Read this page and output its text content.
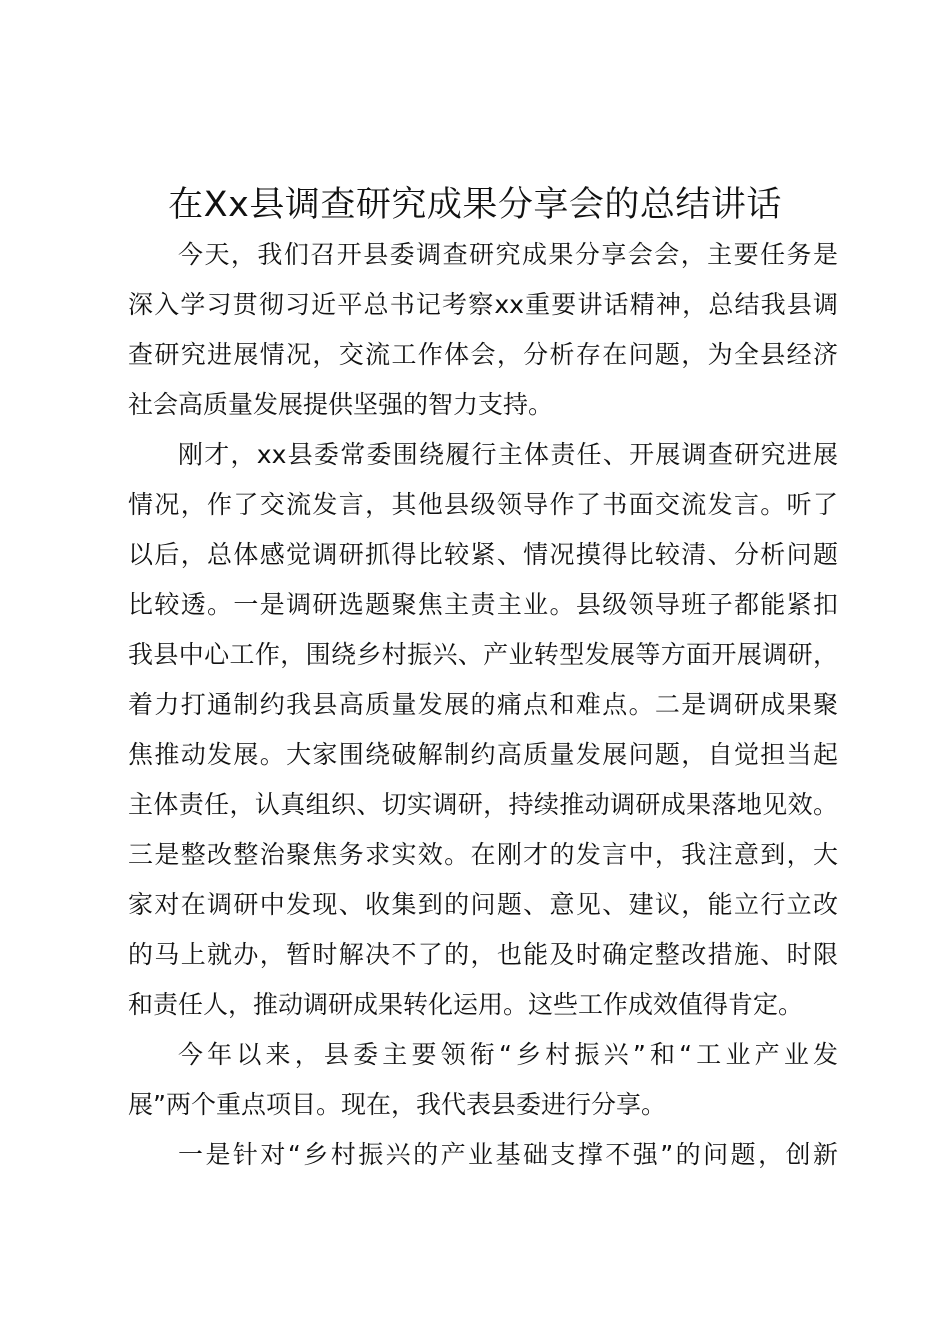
在Xx县调查研究成果分享会的总结讲话
今天，我们召开县委调查研究成果分享会会，主要任务是
深入学习贯彻习近平总书记考察xx重要讲话精神，总结我县调
查研究进展情况，交流工作体会，分析存在问题，为全县经济
社会高质量发展提供坚强的智力支持。
刚才，xx县委常委围绕履行主体责任、开展调查研究进展
情况，作了交流发言，其他县级领导作了书面交流发言。听了
以后，总体感觉调研抓得比较紧、情况摸得比较清、分析问题
比较透。一是调研选题聚焦主责主业。县级领导班子都能紧扣
我县中心工作，围绕乡村振兴、产业转型发展等方面开展调研，
着力打通制约我县高质量发展的痛点和难点。二是调研成果聚
焦推动发展。大家围绕破解制约高质量发展问题，自觉担当起
主体责任，认真组织、切实调研，持续推动调研成果落地见效。
三是整改整治聚焦务求实效。在刚才的发言中，我注意到，大
家对在调研中发现、收集到的问题、意见、建议，能立行立改
的马上就办，暂时解决不了的，也能及时确定整改措施、时限
和责任人，推动调研成果转化运用。这些工作成效值得肯定。
今年以来，县委主要领衔“乡村振兴”和“工业产业发
展”两个重点项目。现在，我代表县委进行分享。
一是针对“乡村振兴的产业基础支撑不强”的问题，创新
